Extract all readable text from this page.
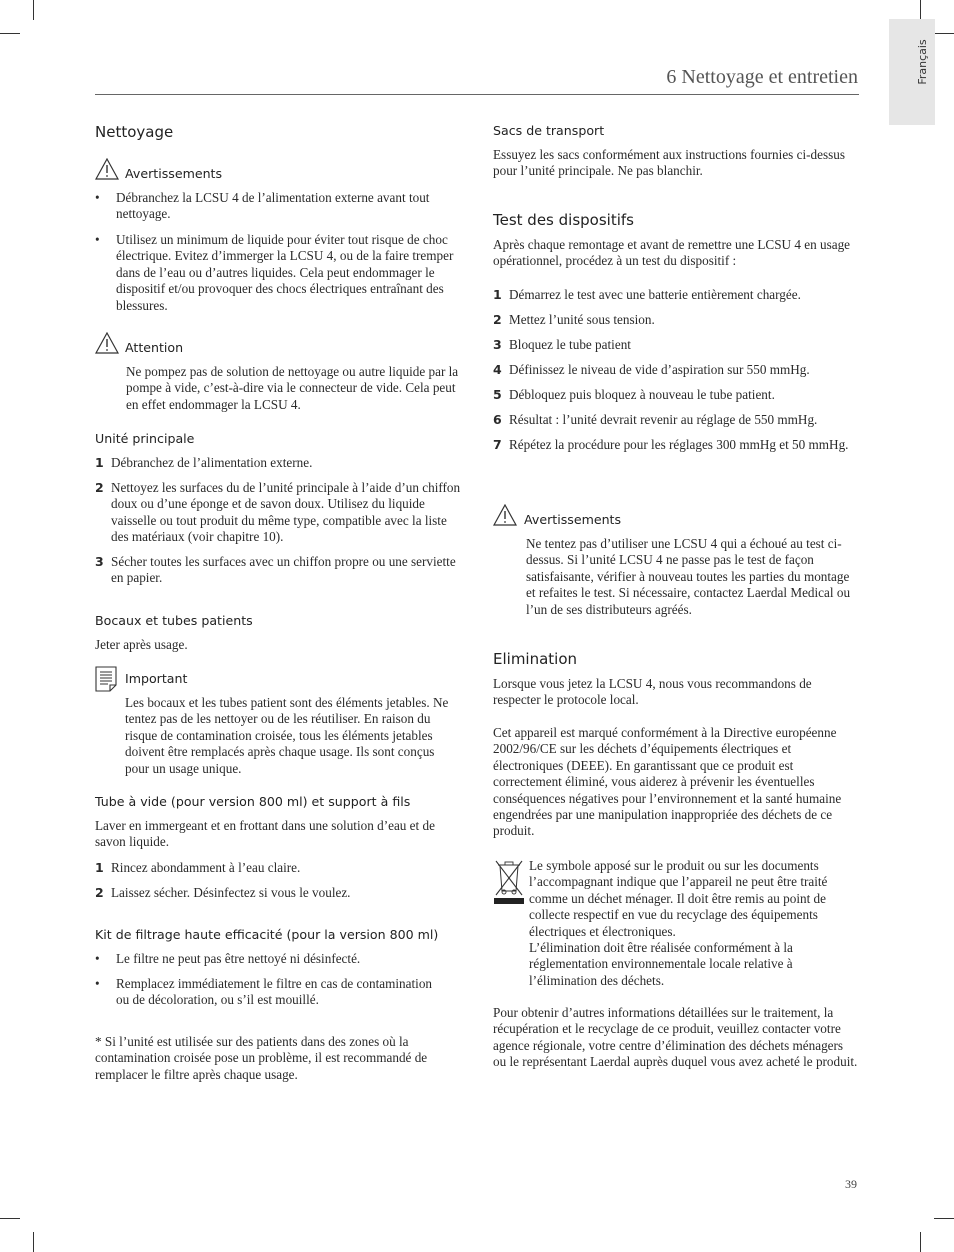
Français
6 Nettoyage et entretien
Nettoyage
Avertissements
•	Débranchez la LCSU 4 de l’alimentation externe avant tout nettoyage.

•	Utilisez un minimum de liquide pour éviter tout risque de choc électrique. Evitez d’immerger la LCSU 4, ou de la faire tremper dans de l’eau ou d’autres liquides. Cela peut endommager le dispositif et/ou provoquer des chocs électriques entraînant des blessures.

Attention

Ne pompez pas de solution de nettoyage ou autre liquide par la pompe à vide, c’est-à-dire via le connecteur de vide. Cela peut en effet endommager la LCSU 4.

Unité principale
1 Débranchez de l’alimentation externe.

2 Nettoyez les surfaces du de l’unité principale à l’aide d’un chiffon doux ou d’une éponge et de savon doux. Utilisez du liquide vaisselle ou tout produit du même type, compatible avec la liste des matériaux (voir chapitre 10).

3 Sécher toutes les surfaces avec un chiffon propre ou une serviette en papier.

Bocaux et tubes patients

Jeter après usage.

Important

Les bocaux et les tubes patient sont des éléments jetables. Ne tentez pas de les nettoyer ou de les réutiliser. En raison du risque de contamination croisée, tous les éléments jetables doivent être remplacés après chaque usage. Ils sont conçus pour un usage unique.

Tube à vide (pour version 800 ml) et support à fils

Laver en immergeant et en frottant dans une solution d’eau et de savon liquide.

1 Rincez abondamment à l’eau claire.

2 Laissez sécher. Désinfectez si vous le voulez.

Kit de filtrage haute efficacité (pour la version 800 ml)
•	Le filtre ne peut pas être nettoyé ni désinfecté.

•	Remplacez immédiatement le filtre en cas de contamination ou de décoloration, ou s’il est mouillé.

* Si l’unité est utilisée sur des patients dans des zones où la contamination croisée pose un problème, il est recommandé de remplacer le filtre après chaque usage.

Sacs de transport

Essuyez les sacs conformément aux instructions fournies ci-dessus pour l’unité principale. Ne pas blanchir.

Test des dispositifs

Après chaque remontage et avant de remettre une LCSU 4 en usage opérationnel, procédez à un test du dispositif :

1 Démarrez le test avec une batterie entièrement chargée.

2 Mettez l’unité sous tension.

3 Bloquez le tube patient

4 Définissez le niveau de vide d’aspiration sur 550 mmHg.

5 Débloquez puis bloquez à nouveau le tube patient.

6 Résultat : l’unité devrait revenir au réglage de 550 mmHg.

7 Répétez la procédure pour les réglages 300 mmHg et 50 mmHg.

Avertissements

Ne tentez pas d’utiliser une LCSU 4 qui a échoué au test ci-dessus. Si l’unité LCSU 4 ne passe pas le test de façon satisfaisante, vérifier à nouveau toutes les parties du montage et refaites le test. Si nécessaire, contactez Laerdal Medical ou l’un de ses distributeurs agréés.

Elimination

Lorsque vous jetez la LCSU 4, nous vous recommandons de respecter le protocole local.

Cet appareil est marqué conformément à la Directive européenne 2002/96/CE sur les déchets d’équipements électriques et électroniques (DEEE). En garantissant que ce produit est correctement éliminé, vous aiderez à prévenir les éventuelles conséquences négatives pour l’environnement et la santé humaine engendrées par une manipulation inappropriée des déchets de ce produit.

Le symbole apposé sur le produit ou sur les documents l’accompagnant indique que l’appareil ne peut être traité comme un déchet ménager. Il doit être remis au point de collecte respectif en vue du recyclage des équipements électriques et électroniques.

L’élimination doit être réalisée conformément à la réglementation environnementale locale relative à l’élimination des déchets.

Pour obtenir d’autres informations détaillées sur le traitement, la récupération et le recyclage de ce produit, veuillez contacter votre agence régionale, votre centre d’élimination des déchets ménagers ou le représentant Laerdal auprès duquel vous avez acheté le produit.

39
